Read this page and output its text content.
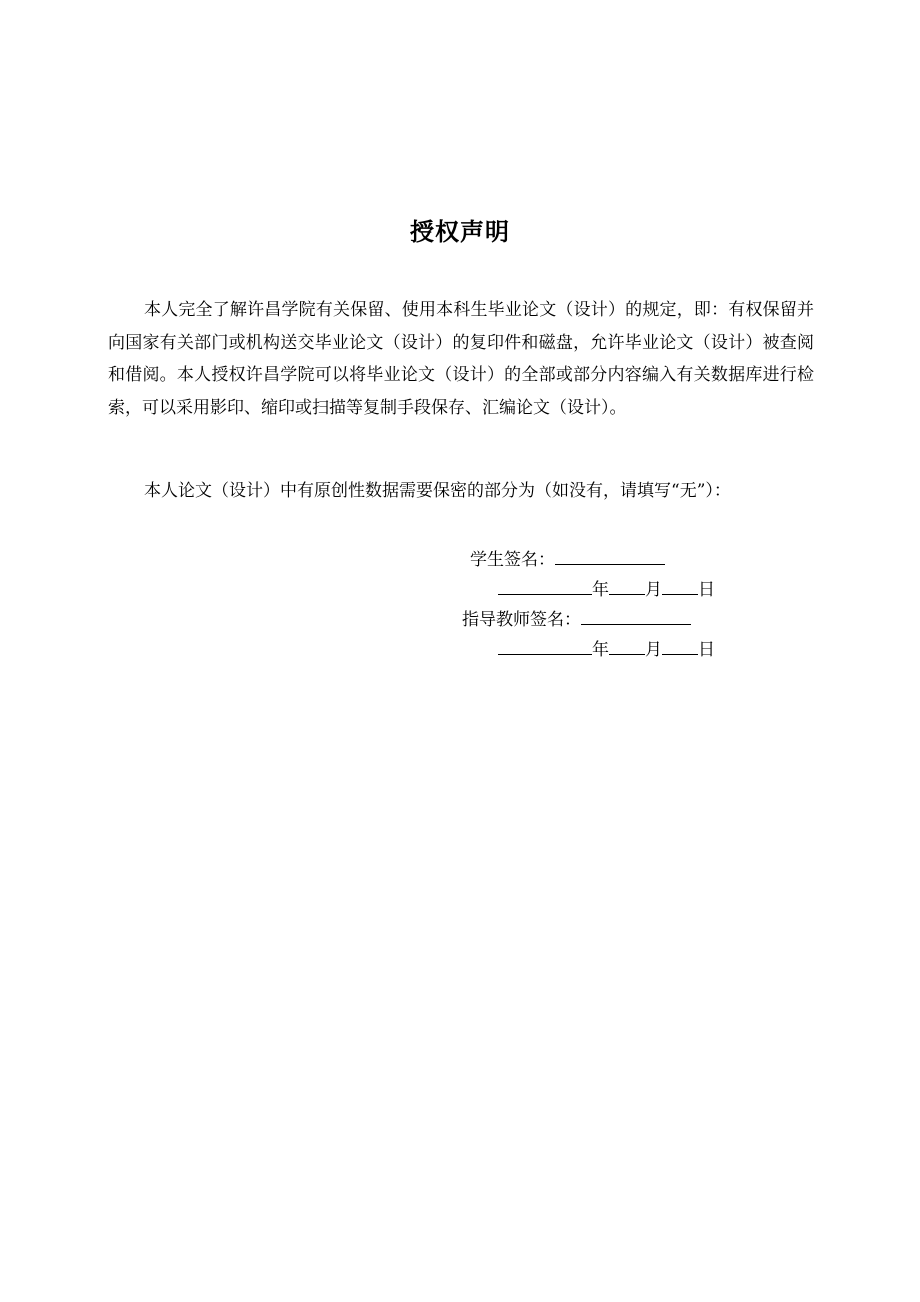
授权声明

本人完全了解许昌学院有关保留、使用本科生毕业论文（设计）的规定，即：有权保留并向国家有关部门或机构送交毕业论文（设计）的复印件和磁盘，允许毕业论文（设计）被查阅和借阅。本人授权许昌学院可以将毕业论文（设计）的全部或部分内容编入有关数据库进行检索，可以采用影印、缩印或扫描等复制手段保存、汇编论文（设计）。

本人论文（设计）中有原创性数据需要保密的部分为（如没有，请填写“无”）：

学生签名：
年 月 日
指导教师签名：
年 月 日
